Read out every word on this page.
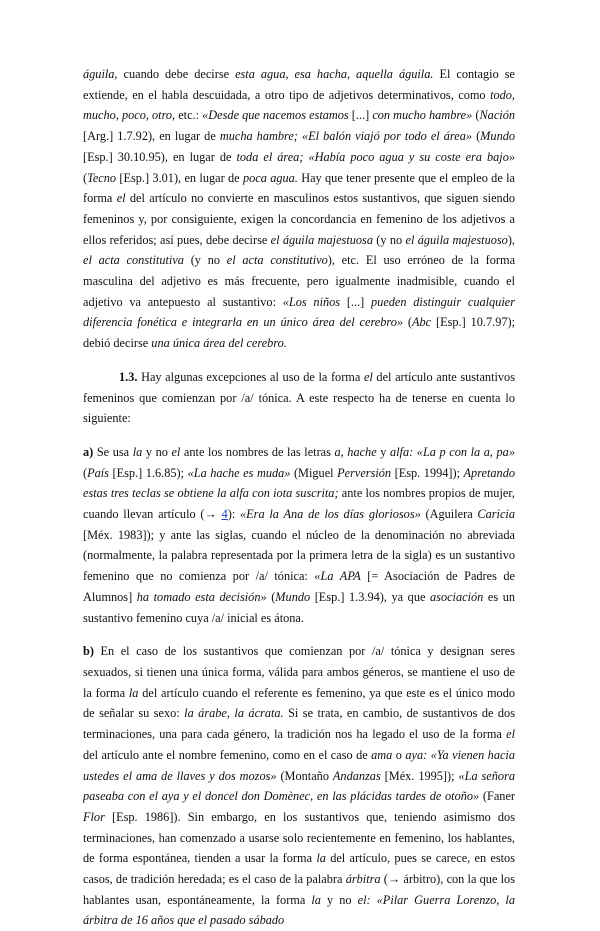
águila, cuando debe decirse esta agua, esa hacha, aquella águila. El contagio se extiende, en el habla descuidada, a otro tipo de adjetivos determinativos, como todo, mucho, poco, otro, etc.: «Desde que nacemos estamos [...] con mucho hambre» (Nación [Arg.] 1.7.92), en lugar de mucha hambre; «El balón viajó por todo el área» (Mundo [Esp.] 30.10.95), en lugar de toda el área; «Había poco agua y su coste era bajo» (Tecno [Esp.] 3.01), en lugar de poca agua. Hay que tener presente que el empleo de la forma el del artículo no convierte en masculinos estos sustantivos, que siguen siendo femeninos y, por consiguiente, exigen la concordancia en femenino de los adjetivos a ellos referidos; así pues, debe decirse el águila majestuosa (y no el águila majestuoso), el acta constitutiva (y no el acta constitutivo), etc. El uso erróneo de la forma masculina del adjetivo es más frecuente, pero igualmente inadmisible, cuando el adjetivo va antepuesto al sustantivo: «Los niños [...] pueden distinguir cualquier diferencia fonética e integrarla en un único área del cerebro» (Abc [Esp.] 10.7.97); debió decirse una única área del cerebro.

1.3. Hay algunas excepciones al uso de la forma el del artículo ante sustantivos femeninos que comienzan por /a/ tónica. A este respecto ha de tenerse en cuenta lo siguiente:

a) Se usa la y no el ante los nombres de las letras a, hache y alfa: «La p con la a, pa» (País [Esp.] 1.6.85); «La hache es muda» (Miguel Perversión [Esp. 1994]); Apretando estas tres teclas se obtiene la alfa con iota suscrita; ante los nombres propios de mujer, cuando llevan artículo (→ 4): «Era la Ana de los días gloriosos» (Aguilera Caricia [Méx. 1983]); y ante las siglas, cuando el núcleo de la denominación no abreviada (normalmente, la palabra representada por la primera letra de la sigla) es un sustantivo femenino que no comienza por /a/ tónica: «La APA [= Asociación de Padres de Alumnos] ha tomado esta decisión» (Mundo [Esp.] 1.3.94), ya que asociación es un sustantivo femenino cuya /a/ inicial es átona.

b) En el caso de los sustantivos que comienzan por /a/ tónica y designan seres sexuados, si tienen una única forma, válida para ambos géneros, se mantiene el uso de la forma la del artículo cuando el referente es femenino, ya que este es el único modo de señalar su sexo: la árabe, la ácrata. Si se trata, en cambio, de sustantivos de dos terminaciones, una para cada género, la tradición nos ha legado el uso de la forma el del artículo ante el nombre femenino, como en el caso de ama o aya: «Ya vienen hacia ustedes el ama de llaves y dos mozos» (Montaño Andanzas [Méx. 1995]); «La señora paseaba con el aya y el doncel don Domènec, en las plácidas tardes de otoño» (Faner Flor [Esp. 1986]). Sin embargo, en los sustantivos que, teniendo asimismo dos terminaciones, han comenzado a usarse solo recientemente en femenino, los hablantes, de forma espontánea, tienden a usar la forma la del artículo, pues se carece, en estos casos, de tradición heredada; es el caso de la palabra árbitra (→ árbitro), con la que los hablantes usan, espontáneamente, la forma la y no el: «Pilar Guerra Lorenzo, la árbitra de 16 años que el pasado sábado
